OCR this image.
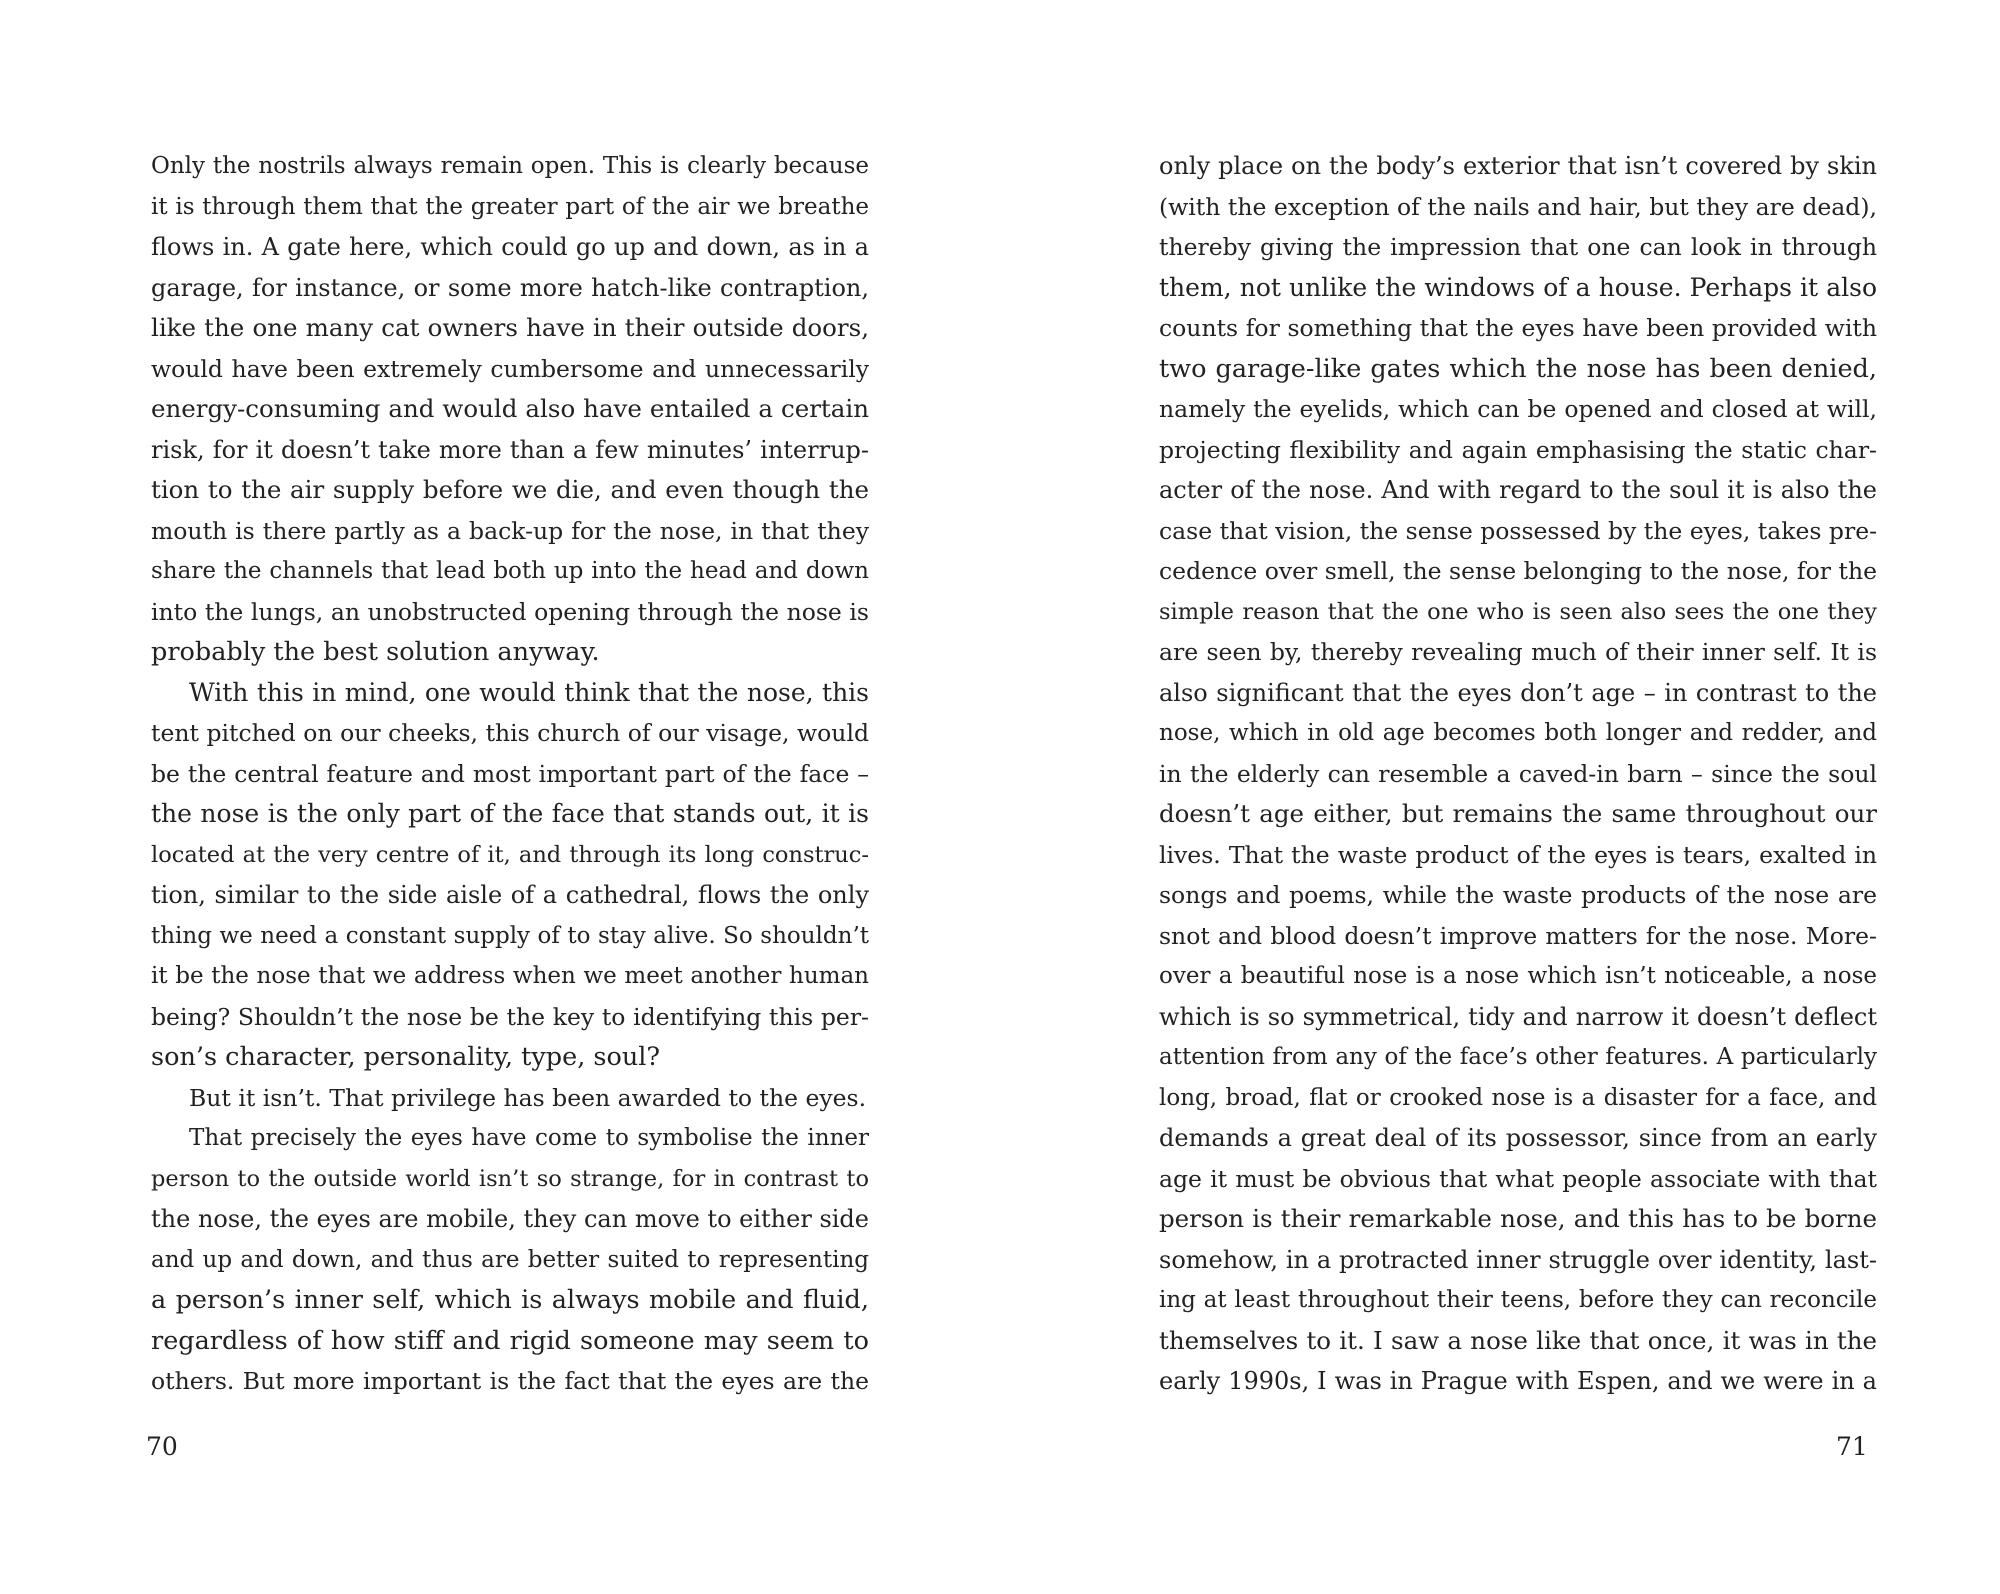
Only the nostrils always remain open. This is clearly because
it is through them that the greater part of the air we breathe
flows in. A gate here, which could go up and down, as in a
garage, for instance, or some more hatch-like contraption,
like the one many cat owners have in their outside doors,
would have been extremely cumbersome and unnecessarily
energy-consuming and would also have entailed a certain
risk, for it doesn’t take more than a few minutes’ interrup-
tion to the air supply before we die, and even though the
mouth is there partly as a back-up for the nose, in that they
share the channels that lead both up into the head and down
into the lungs, an unobstructed opening through the nose is
probably the best solution anyway.
With this in mind, one would think that the nose, this
tent pitched on our cheeks, this church of our visage, would
be the central feature and most important part of the face –
the nose is the only part of the face that stands out, it is
located at the very centre of it, and through its long construc-
tion, similar to the side aisle of a cathedral, flows the only
thing we need a constant supply of to stay alive. So shouldn’t
it be the nose that we address when we meet another human
being? Shouldn’t the nose be the key to identifying this per-
son’s character, personality, type, soul?
But it isn’t. That privilege has been awarded to the eyes.
That precisely the eyes have come to symbolise the inner
person to the outside world isn’t so strange, for in contrast to
the nose, the eyes are mobile, they can move to either side
and up and down, and thus are better suited to representing
a person’s inner self, which is always mobile and fluid,
regardless of how stiff and rigid someone may seem to
others. But more important is the fact that the eyes are the
only place on the body’s exterior that isn’t covered by skin
(with the exception of the nails and hair, but they are dead),
thereby giving the impression that one can look in through
them, not unlike the windows of a house. Perhaps it also
counts for something that the eyes have been provided with
two garage-like gates which the nose has been denied,
namely the eyelids, which can be opened and closed at will,
projecting flexibility and again emphasising the static char-
acter of the nose. And with regard to the soul it is also the
case that vision, the sense possessed by the eyes, takes pre-
cedence over smell, the sense belonging to the nose, for the
simple reason that the one who is seen also sees the one they
are seen by, thereby revealing much of their inner self. It is
also significant that the eyes don’t age – in contrast to the
nose, which in old age becomes both longer and redder, and
in the elderly can resemble a caved-in barn – since the soul
doesn’t age either, but remains the same throughout our
lives. That the waste product of the eyes is tears, exalted in
songs and poems, while the waste products of the nose are
snot and blood doesn’t improve matters for the nose. More-
over a beautiful nose is a nose which isn’t noticeable, a nose
which is so symmetrical, tidy and narrow it doesn’t deflect
attention from any of the face’s other features. A particularly
long, broad, flat or crooked nose is a disaster for a face, and
demands a great deal of its possessor, since from an early
age it must be obvious that what people associate with that
person is their remarkable nose, and this has to be borne
somehow, in a protracted inner struggle over identity, last-
ing at least throughout their teens, before they can reconcile
themselves to it. I saw a nose like that once, it was in the
early 1990s, I was in Prague with Espen, and we were in a
70	71
